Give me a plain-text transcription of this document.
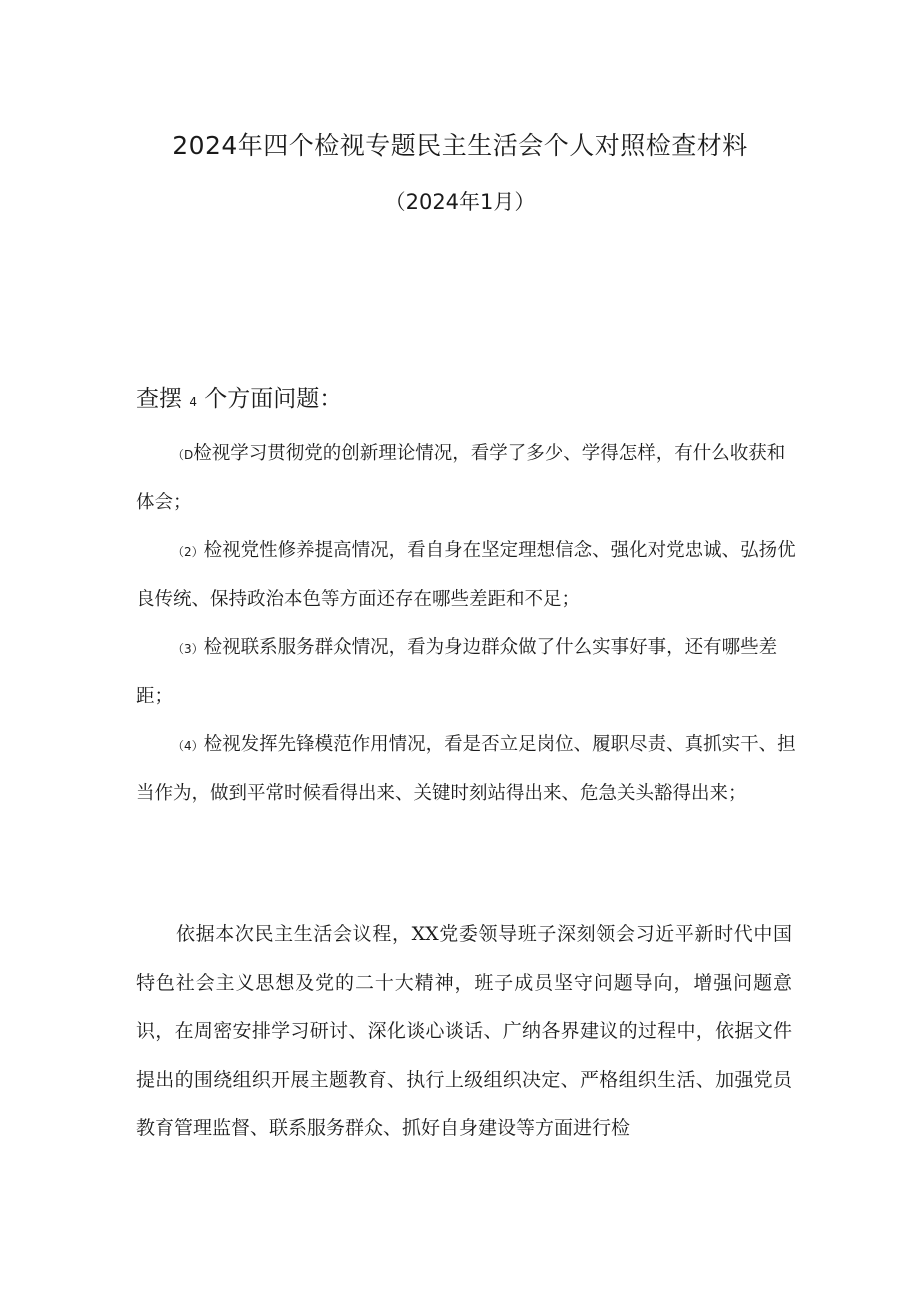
2024年四个检视专题民主生活会个人对照检查材料
（2024年1月）
查摆 4 个方面问题：
（D检视学习贯彻党的创新理论情况，看学了多少、学得怎样，有什么收获和体会；
（2）检视党性修养提高情况，看自身在坚定理想信念、强化对党忠诚、弘扬优良传统、保持政治本色等方面还存在哪些差距和不足；
（3）检视联系服务群众情况，看为身边群众做了什么实事好事，还有哪些差距；
（4）检视发挥先锋模范作用情况，看是否立足岗位、履职尽责、真抓实干、担当作为，做到平常时候看得出来、关键时刻站得出来、危急关头豁得出来；
依据本次民主生活会议程，XX党委领导班子深刻领会习近平新时代中国特色社会主义思想及党的二十大精神，班子成员坚守问题导向，增强问题意识，在周密安排学习研讨、深化谈心谈话、广纳各界建议的过程中，依据文件提出的围绕组织开展主题教育、执行上级组织决定、严格组织生活、加强党员教育管理监督、联系服务群众、抓好自身建设等方面进行检
